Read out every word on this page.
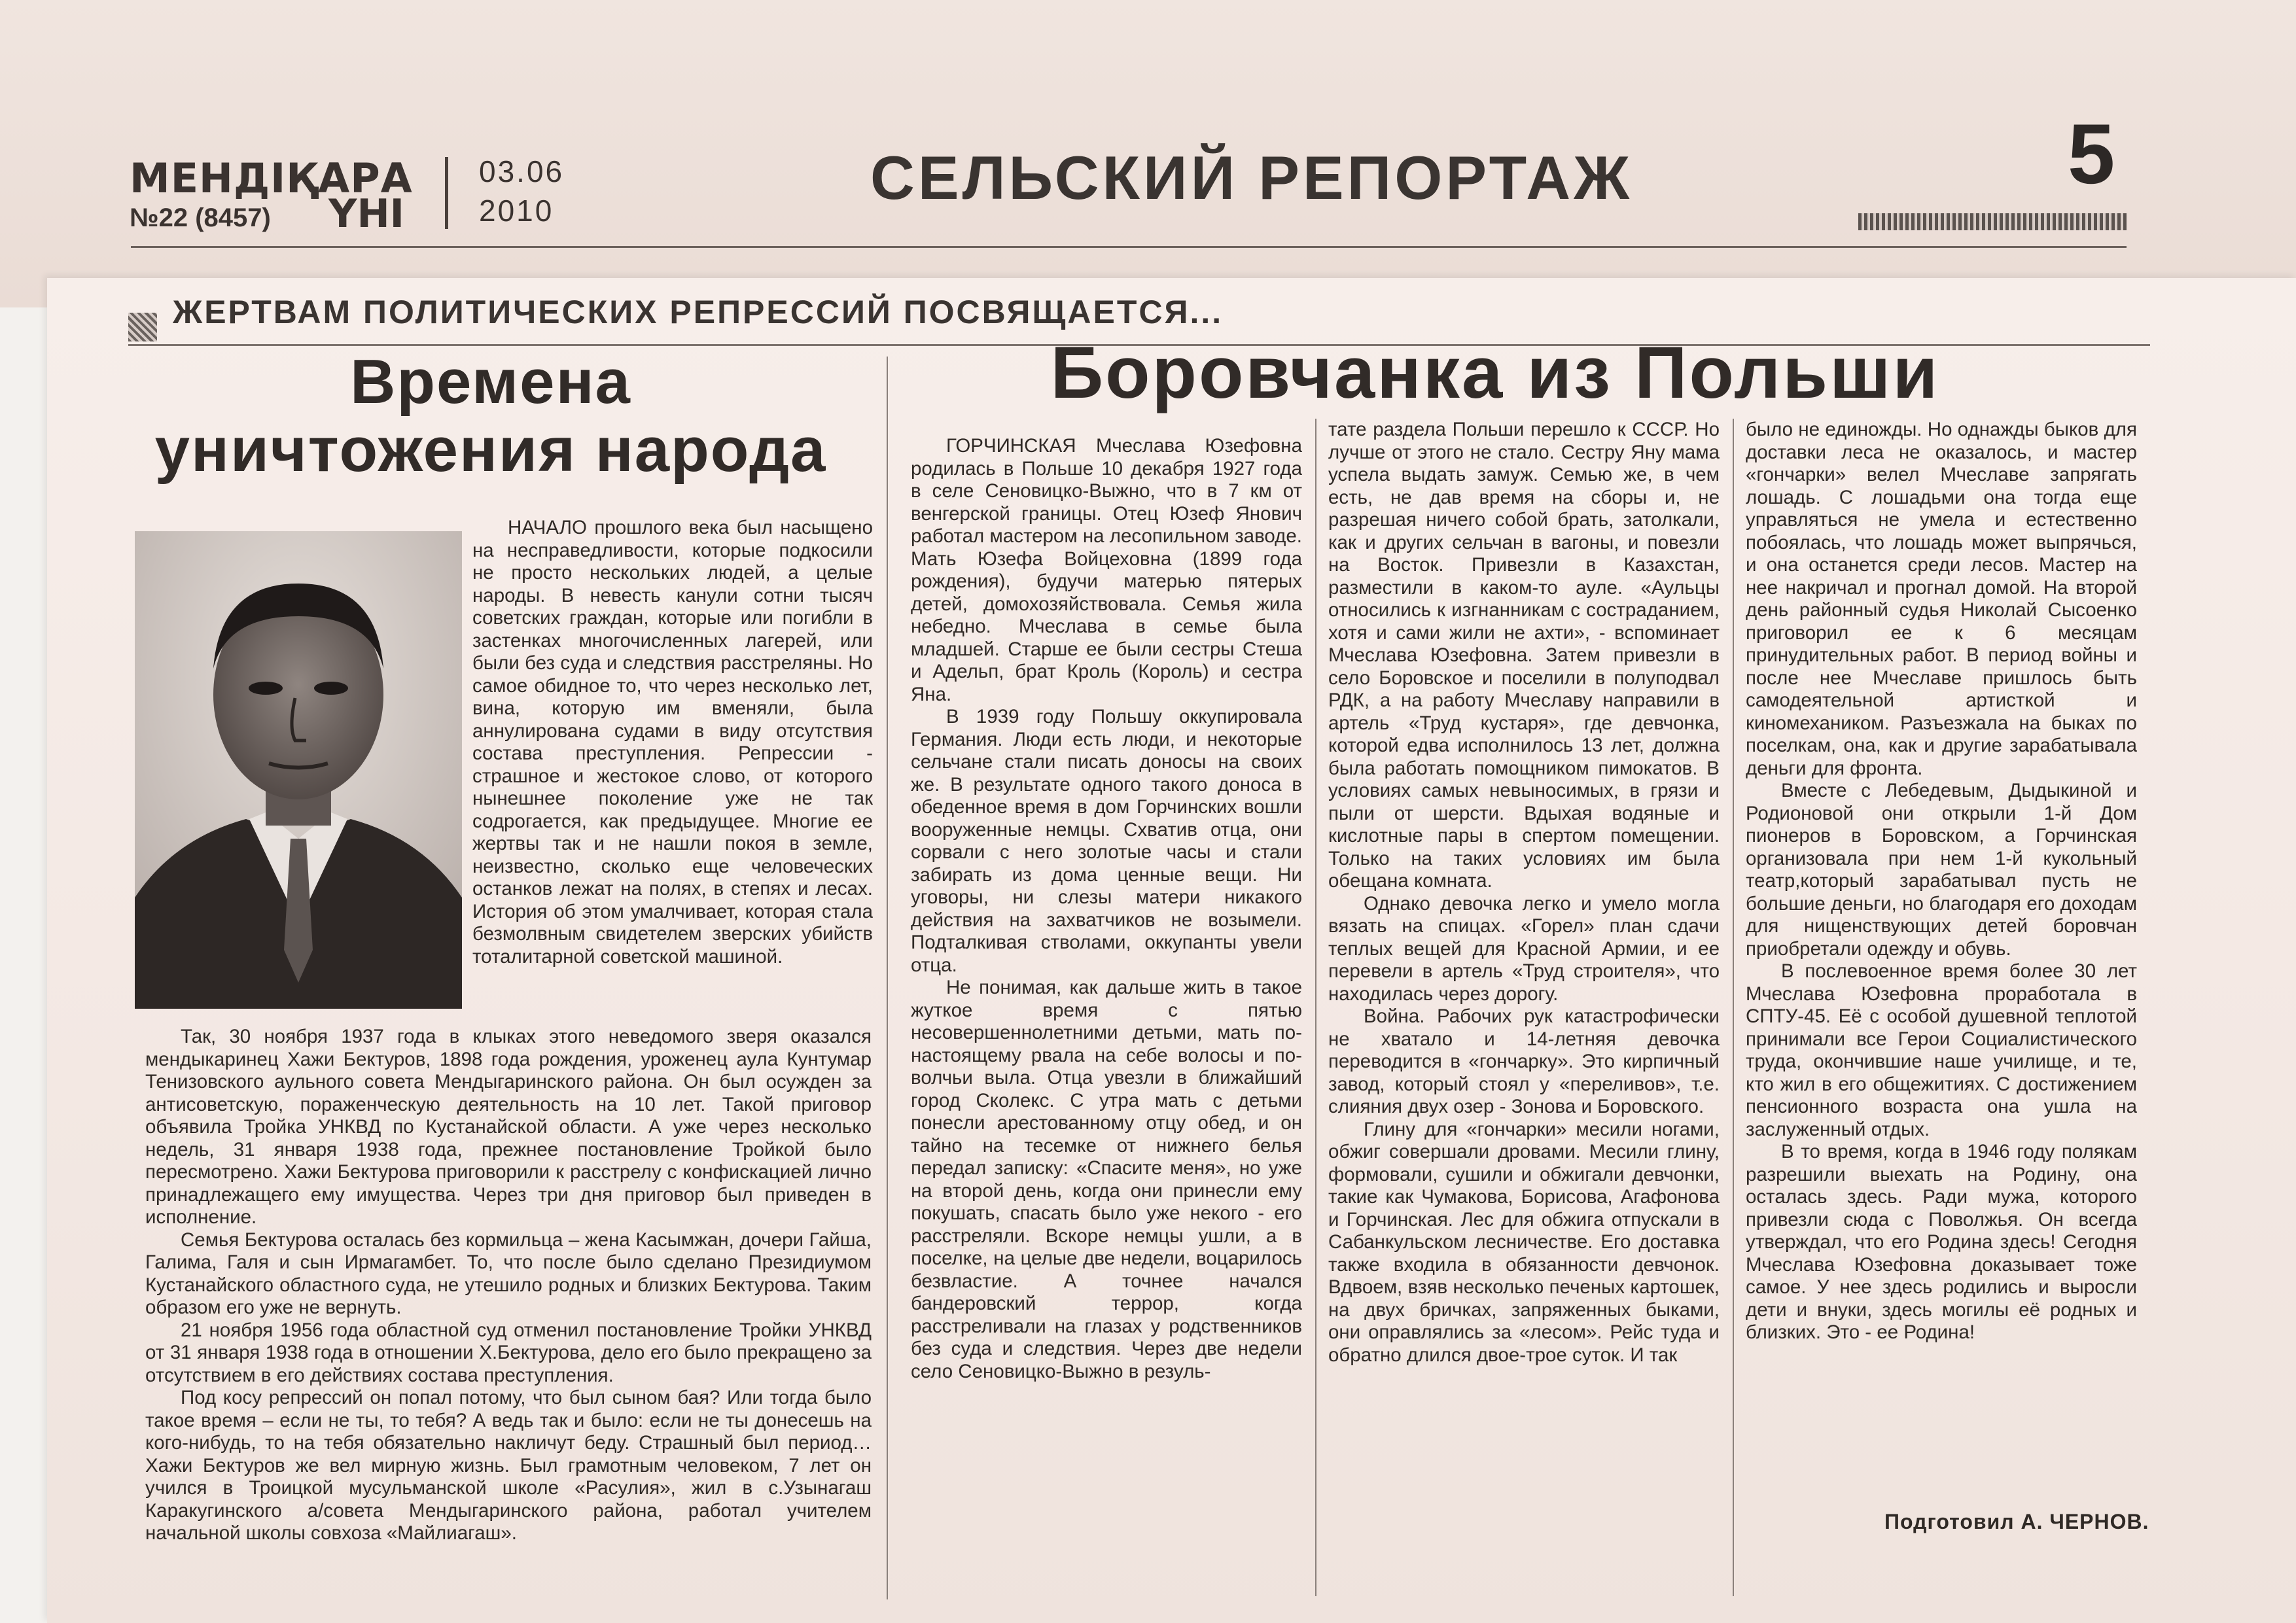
МЕНДІҚАРА
№22 (8457)	ҮНІ
03.06
2010	СЕЛЬСКИЙ РЕПОРТАЖ	5
ЖЕРТВАМ ПОЛИТИЧЕСКИХ РЕПРЕССИЙ ПОСВЯЩАЕТСЯ...
Времена
уничтожения народа

НАЧАЛО прошлого века был насыщено на несправедливости, которые подкосили не просто нескольких людей, а целые народы. В невесть канули сотни тысяч советских граждан, которые или погибли в застенках многочисленных лагерей, или были без суда и следствия расстреляны. Но самое обидное то, что через несколько лет, вина, которую им вменяли, была аннулирована судами в виду отсутствия состава преступления. Репрессии - страшное и жестокое слово, от которого нынешнее поколение уже не так содрогается, как предыдущее. Многие ее жертвы так и не нашли покоя в земле, неизвестно, сколько еще человеческих останков лежат на полях, в степях и лесах. История об этом умалчивает, которая стала безмолвным свидетелем зверских убийств тоталитарной советской машиной.

Так, 30 ноября 1937 года в клыках этого неведомого зверя оказался мендыкаринец Хажи Бектуров, 1898 года рождения, уроженец аула Кунтумар Тенизовского аульного совета Мендыгаринского района. Он был осужден за антисоветскую, пораженческую деятельность на 10 лет. Такой приговор объявила Тройка УНКВД по Кустанайской области. А уже через несколько недель, 31 января 1938 года, прежнее постановление Тройкой было пересмотрено. Хажи Бектурова приговорили к расстрелу с конфискацией лично принадлежащего ему имущества. Через три дня приговор был приведен в исполнение.

Семья Бектурова осталась без кормильца – жена Касымжан, дочери Гайша, Галима, Галя и сын Ирмагамбет. То, что после было сделано Президиумом Кустанайского областного суда, не утешило родных и близких Бектурова. Таким образом его уже не вернуть.

21 ноября 1956 года областной суд отменил постановление Тройки УНКВД от 31 января 1938 года в отношении Х.Бектурова, дело его было прекращено за отсутствием в его действиях состава преступления.

Под косу репрессий он попал потому, что был сыном бая? Или тогда было такое время – если не ты, то тебя? А ведь так и было: если не ты донесешь на кого-нибудь, то на тебя обязательно накличут беду. Страшный был период… Хажи Бектуров же вел мирную жизнь. Был грамотным человеком, 7 лет он учился в Троицкой мусульманской школе «Расулия», жил в с.Узынагаш Каракугинского а/совета Мендыгаринского района, работал учителем начальной школы совхоза «Майлиагаш».

Боровчанка из Польши

ГОРЧИНСКАЯ Мчеслава Юзефовна родилась в Польше 10 декабря 1927 года в селе Сеновицко-Выжно, что в 7 км от венгерской границы. Отец Юзеф Янович работал мастером на лесопильном заводе. Мать Юзефа Войцеховна (1899 года рождения), будучи матерью пятерых детей, домохозяйствовала. Семья жила небедно. Мчеслава в семье была младшей. Старше ее были сестры Стеша и Адельп, брат Кроль (Король) и сестра Яна.

В 1939 году Польшу оккупировала Германия. Люди есть люди, и некоторые сельчане стали писать доносы на своих же. В результате одного такого доноса в обеденное время в дом Горчинских вошли вооруженные немцы. Схватив отца, они сорвали с него золотые часы и стали забирать из дома ценные вещи. Ни уговоры, ни слезы матери никакого действия на захватчиков не возымели. Подталкивая стволами, оккупанты увели отца.

Не понимая, как дальше жить в такое жуткое время с пятью несовершеннолетними детьми, мать по-настоящему рвала на себе волосы и по-волчьи выла. Отца увезли в ближайший город Сколекс. С утра мать с детьми понесли арестованному отцу обед, и он тайно на тесемке от нижнего белья передал записку: «Спасите меня», но уже на второй день, когда они принесли ему покушать, спасать было уже некого - его расстреляли. Вскоре немцы ушли, а в поселке, на целые две недели, воцарилось безвластие. А точнее начался бандеровский террор, когда расстреливали на глазах у родственников без суда и следствия. Через две недели село Сеновицко-Выжно в резуль-

тате раздела Польши перешло к СССР. Но лучше от этого не стало. Сестру Яну мама успела выдать замуж. Семью же, в чем есть, не дав время на сборы и, не разрешая ничего собой брать, затолкали, как и других сельчан в вагоны, и повезли на Восток. Привезли в Казахстан, разместили в каком-то ауле. «Аульцы относились к изгнанникам с состраданием, хотя и сами жили не ахти», - вспоминает Мчеслава Юзефовна. Затем привезли в село Боровское и поселили в полуподвал РДК, а на работу Мчеславу направили в артель «Труд кустаря», где девчонка, которой едва исполнилось 13 лет, должна была работать помощником пимокатов. В условиях самых невыносимых, в грязи и пыли от шерсти. Вдыхая водяные и кислотные пары в спертом помещении. Только на таких условиях им была обещана комната.

Однако девочка легко и умело могла вязать на спицах. «Горел» план сдачи теплых вещей для Красной Армии, и ее перевели в артель «Труд строителя», что находилась через дорогу.

Война. Рабочих рук катастрофически не хватало и 14-летняя девочка переводится в «гончарку». Это кирпичный завод, который стоял у «переливов», т.е. слияния двух озер - Зонова и Боровского.

Глину для «гончарки» месили ногами, обжиг совершали дровами. Месили глину, формовали, сушили и обжигали девчонки, такие как Чумакова, Борисова, Агафонова и Горчинская. Лес для обжига отпускали в Сабанкульском лесничестве. Его доставка также входила в обязанности девчонок. Вдвоем, взяв несколько печеных картошек, на двух бричках, запряженных быками, они оправлялись за «лесом». Рейс туда и обратно длился двое-трое суток. И так

было не единожды. Но однажды быков для доставки леса не оказалось, и мастер «гончарки» велел Мчеславе запрягать лошадь. С лошадьми она тогда еще управляться не умела и естественно побоялась, что лошадь может выпрячься, и она останется среди лесов. Мастер на нее накричал и прогнал домой. На второй день районный судья Николай Сысоенко приговорил ее к 6 месяцам принудительных работ. В период войны и после нее Мчеславе пришлось быть самодеятельной артисткой и киномехаником. Разъезжала на быках по поселкам, она, как и другие зарабатывала деньги для фронта.

Вместе с Лебедевым, Дыдыкиной и Родионовой они открыли 1-й Дом пионеров в Боровском, а Горчинская организовала при нем 1-й кукольный театр,который зарабатывал пусть не большие деньги, но благодаря его доходам для нищенствующих детей боровчан приобретали одежду и обувь.

В послевоенное время более 30 лет Мчеслава Юзефовна проработала в СПТУ-45. Её с особой душевной теплотой принимали все Герои Социалистического труда, окончившие наше училище, и те, кто жил в его общежитиях. С достижением пенсионного возраста она ушла на заслуженный отдых.

В то время, когда в 1946 году полякам разрешили выехать на Родину, она осталась здесь. Ради мужа, которого привезли сюда с Поволжья. Он всегда утверждал, что его Родина здесь! Сегодня Мчеслава Юзефовна доказывает тоже самое. У нее здесь родились и выросли дети и внуки, здесь могилы её родных и близких. Это - ее Родина!

Подготовил А. ЧЕРНОВ.
